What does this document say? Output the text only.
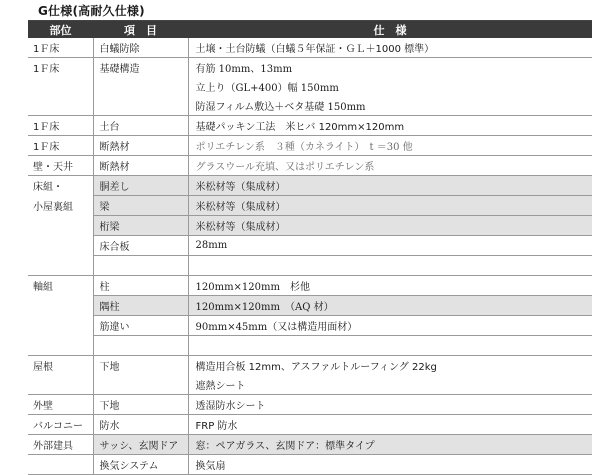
G仕様(高耐久仕様)
部位	項　目	仕　様
1Ｆ床	白蟻防除	土壌・土台防蟻（白蟻５年保証・ＧＬ＋1000 標準）
1Ｆ床	基礎構造	有筋 10mm、13mm
		立上り（GL+400）幅 150mm
		防湿フィルム敷込＋ベタ基礎 150mm
1Ｆ床	土台	基礎パッキン工法　米ヒバ 120mm×120mm
1Ｆ床	断熱材	ポリエチレン系　３種（カネライト）　t ＝30 他
壁・天井	断熱材	グラスウール充填、又はポリエチレン系
床組・	胴差し	米松材等（集成材）
小屋裏組	梁	米松材等（集成材）
	桁梁	米松材等（集成材）
	床合板	28mm

軸組	柱	120mm×120mm　杉他
	隅柱	120mm×120mm　（AQ 材）
	筋違い	90mm×45mm（又は構造用面材）

屋根	下地	構造用合板 12mm、アスファルトルーフィング 22kg
		遮熱シート
外壁	下地	透湿防水シート
バルコニー	防水	FRP 防水
外部建具	サッシ、玄関ドア	窓：ペアガラス、玄関ドア：標準タイプ
	換気システム	換気扇
